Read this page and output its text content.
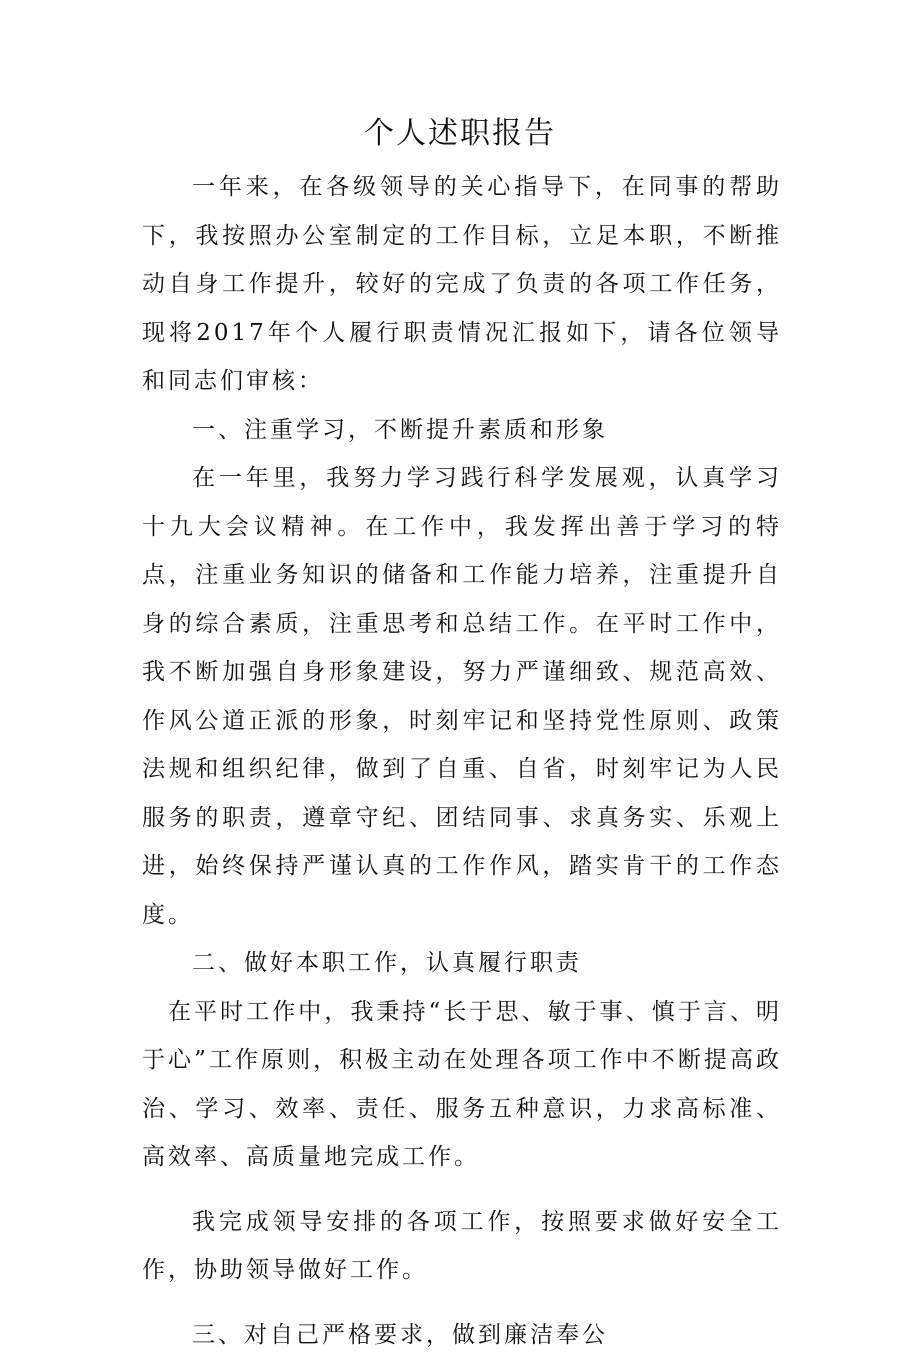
个人述职报告

一年来，在各级领导的关心指导下，在同事的帮助下，我按照办公室制定的工作目标，立足本职，不断推动自身工作提升，较好的完成了负责的各项工作任务，现将2017年个人履行职责情况汇报如下，请各位领导和同志们审核：

一、注重学习，不断提升素质和形象

在一年里，我努力学习践行科学发展观，认真学习十九大会议精神。在工作中，我发挥出善于学习的特点，注重业务知识的储备和工作能力培养，注重提升自身的综合素质，注重思考和总结工作。在平时工作中，我不断加强自身形象建设，努力严谨细致、规范高效、作风公道正派的形象，时刻牢记和坚持党性原则、政策法规和组织纪律，做到了自重、自省，时刻牢记为人民服务的职责，遵章守纪、团结同事、求真务实、乐观上进，始终保持严谨认真的工作作风，踏实肯干的工作态度。

二、做好本职工作，认真履行职责

在平时工作中，我秉持“长于思、敏于事、慎于言、明于心”工作原则，积极主动在处理各项工作中不断提高政治、学习、效率、责任、服务五种意识，力求高标准、高效率、高质量地完成工作。

我完成领导安排的各项工作，按照要求做好安全工作，协助领导做好工作。

三、对自己严格要求，做到廉洁奉公
